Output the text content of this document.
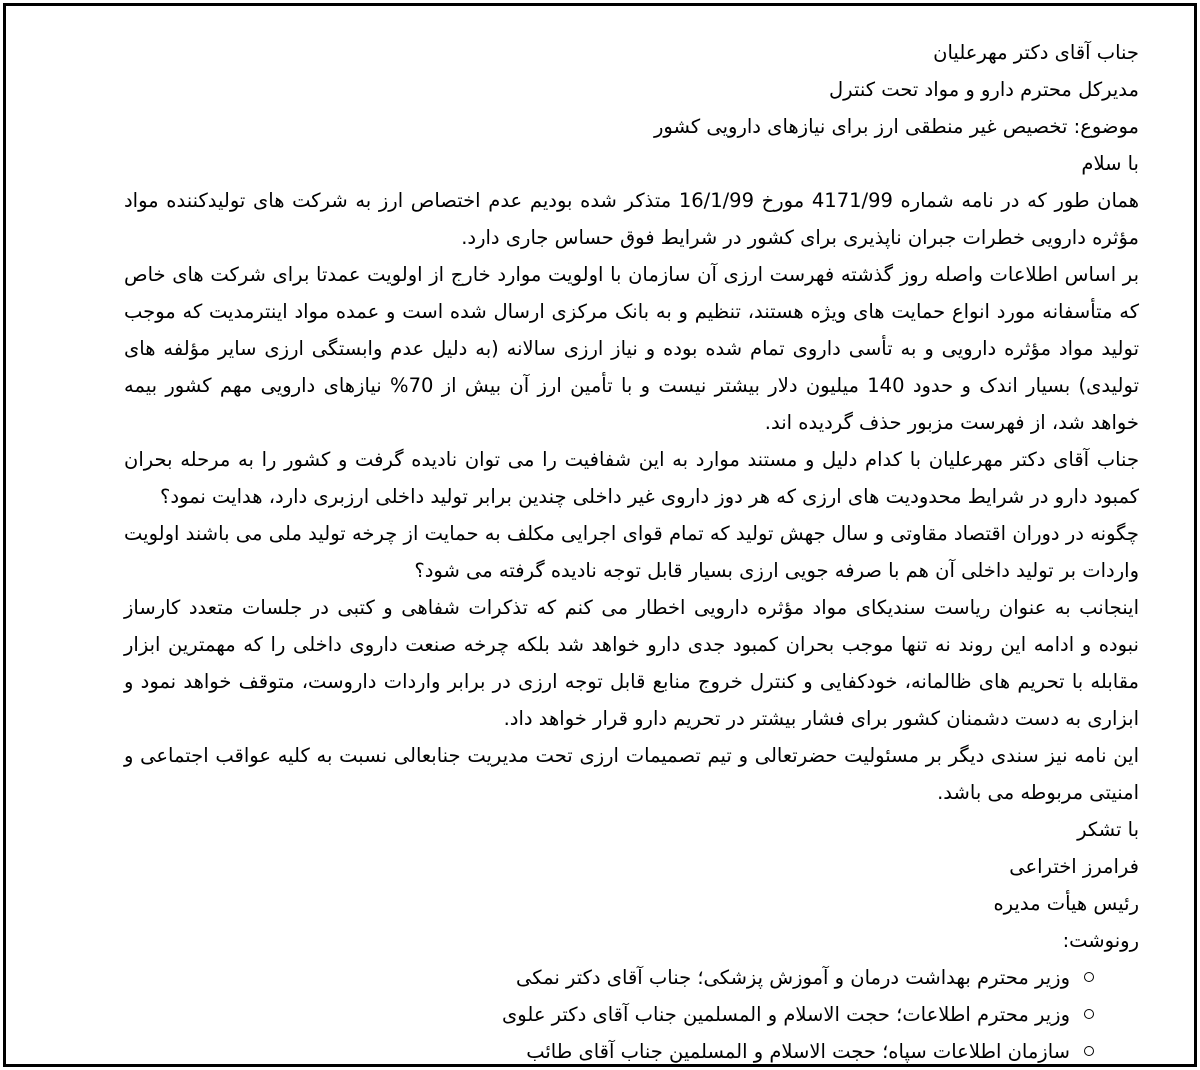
جناب آقای دکتر مهرعلیان

مدیرکل محترم دارو و مواد تحت کنترل

موضوع: تخصیص غیر منطقی ارز برای نیازهای دارویی کشور

با سلام

همان طور که در نامه شماره 4171/99 مورخ 16/1/99 متذکر شده بودیم عدم اختصاص ارز به شرکت های تولیدکننده مواد مؤثره دارویی خطرات جبران ناپذیری برای کشور در شرایط فوق حساس جاری دارد.

بر اساس اطلاعات واصله روز گذشته فهرست ارزی آن سازمان با اولویت موارد خارج از اولویت عمدتا برای شرکت های خاص که متأسفانه مورد انواع حمایت های ویژه هستند، تنظیم و به بانک مرکزی ارسال شده است و عمده مواد اینترمدیت که موجب تولید مواد مؤثره دارویی و به تأسی داروی تمام شده بوده و نیاز ارزی سالانه (به دلیل عدم وابستگی ارزی سایر مؤلفه های تولیدی) بسیار اندک و حدود 140 میلیون دلار بیشتر نیست و با تأمین ارز آن بیش از 70% نیازهای دارویی مهم کشور بیمه خواهد شد، از فهرست مزبور حذف گردیده اند.

جناب آقای دکتر مهرعلیان با کدام دلیل و مستند موارد به این شفافیت را می توان نادیده گرفت و کشور را به مرحله بحران کمبود دارو در شرایط محدودیت های ارزی که هر دوز داروی غیر داخلی چندین برابر تولید داخلی ارزبری دارد، هدایت نمود؟

چگونه در دوران اقتصاد مقاوتی و سال جهش تولید که تمام قوای اجرایی مکلف به حمایت از چرخه تولید ملی می باشند اولویت واردات بر تولید داخلی آن هم با صرفه جویی ارزی بسیار قابل توجه نادیده گرفته می شود؟

اینجانب به عنوان ریاست سندیکای مواد مؤثره دارویی اخطار می کنم که تذکرات شفاهی و کتبی در جلسات متعدد کارساز نبوده و ادامه این روند نه تنها موجب بحران کمبود جدی دارو خواهد شد بلکه چرخه صنعت داروی داخلی را که مهمترین ابزار مقابله با تحریم های ظالمانه، خودکفایی و کنترل خروج منابع قابل توجه ارزی در برابر واردات داروست، متوقف خواهد نمود و ابزاری به دست دشمنان کشور برای فشار بیشتر در تحریم دارو قرار خواهد داد.

این نامه نیز سندی دیگر بر مسئولیت حضرتعالی و تیم تصمیمات ارزی تحت مدیریت جنابعالی نسبت به کلیه عواقب اجتماعی و امنیتی مربوطه می باشد.

با تشکر

فرامرز اختراعی

رئیس هیأت مدیره

رونوشت:

وزیر محترم بهداشت درمان و آموزش پزشکی؛ جناب آقای دکتر نمکی
وزیر محترم اطلاعات؛ حجت الاسلام و المسلمین جناب آقای دکتر علوی
سازمان اطلاعات سپاه؛ حجت الاسلام و المسلمین جناب آقای طائب
